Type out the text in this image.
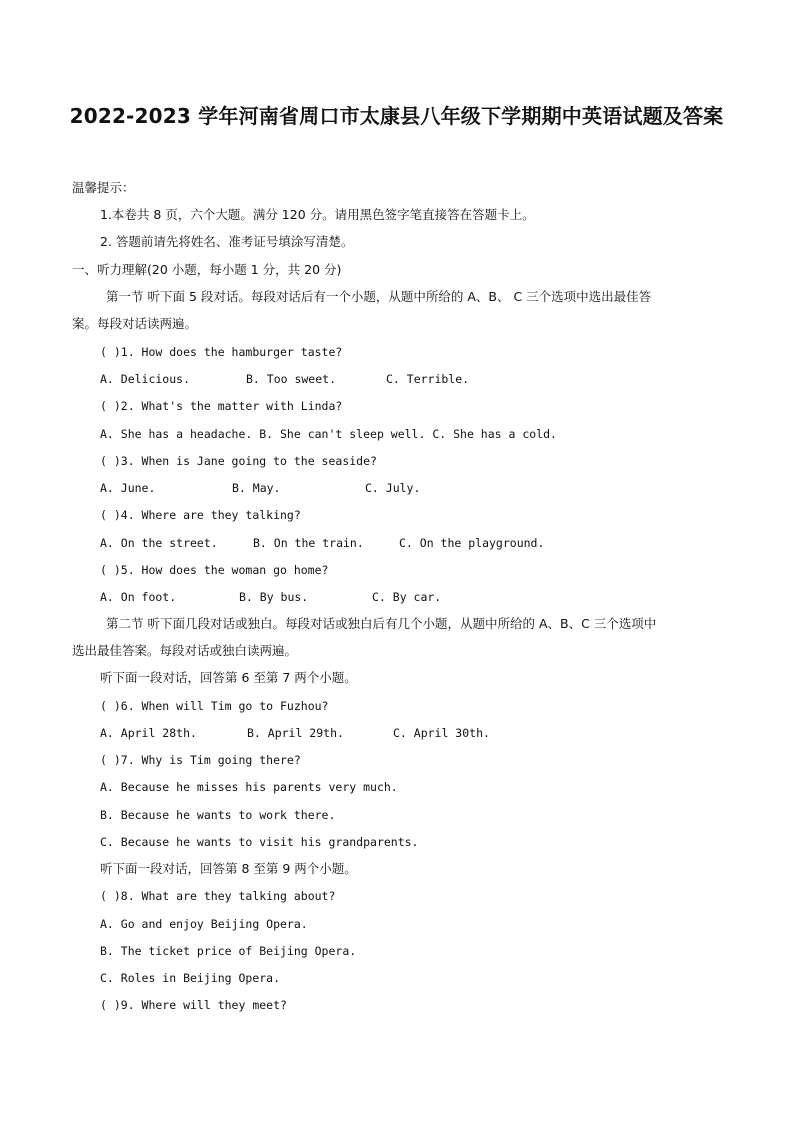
2022-2023 学年河南省周口市太康县八年级下学期期中英语试题及答案
温馨提示：
1.本卷共 8 页，六个大题。满分 120 分。请用黑色签字笔直接答在答题卡上。
2. 答题前请先将姓名、准考证号填涂写清楚。
一、听力理解(20 小题，每小题 1 分，共 20 分)
第一节 听下面 5 段对话。每段对话后有一个小题，从题中所给的 A、B、 C 三个选项中选出最佳答
案。每段对话读两遍。
( )1. How does the hamburger taste?
A. Delicious.	B. Too sweet.	C. Terrible.
( )2. What's the matter with Linda?
A. She has a headache. B. She can't sleep well. C. She has a cold.
( )3. When is Jane going to the seaside?
A. June.	B. May.	C. July.
( )4. Where are they talking?
A. On the street.	B. On the train.	C. On the playground.
( )5. How does the woman go home?
A. On foot.	B. By bus.	C. By car.
第二节 听下面几段对话或独白。每段对话或独白后有几个小题，从题中所给的 A、B、C 三个选项中
选出最佳答案。每段对话或独白读两遍。
听下面一段对话，回答第 6 至第 7 两个小题。
( )6. When will Tim go to Fuzhou?
A. April 28th.	B. April 29th.	C. April 30th.
( )7. Why is Tim going there?
A. Because he misses his parents very much.
B. Because he wants to work there.
C. Because he wants to visit his grandparents.
听下面一段对话，回答第 8 至第 9 两个小题。
( )8. What are they talking about?
A. Go and enjoy Beijing Opera.
B. The ticket price of Beijing Opera.
C. Roles in Beijing Opera.
( )9. Where will they meet?
